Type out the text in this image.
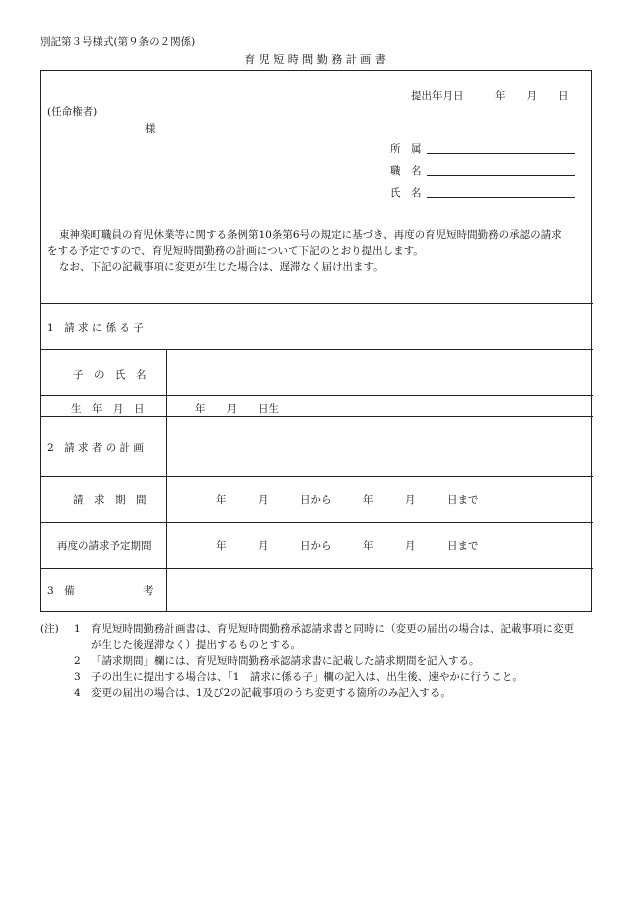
別記第３号様式(第９条の２関係)
育 児 短 時 間 勤 務 計 画 書
提出年月日　　　年　　月　　日
(任命権者)
様
所　属
職　名
氏　名
東神楽町職員の育児休業等に関する条例第10条第6号の規定に基づき、再度の育児短時間勤務の承認の請求
をする予定ですので、育児短時間勤務の計画について下記のとおり提出します。
なお、下記の記載事項に変更が生じた場合は、遅滞なく届け出ます。
1　請 求 に 係 る 子
子　の　氏　名
生　年　月　日	年　　月　　日生
2　請 求 者 の 計 画
請　求　期　間	年　　　月　　　日から　　　年　　　月　　　日まで
再度の請求予定期間	年　　　月　　　日から　　　年　　　月　　　日まで
3　備	考
(注) 1 育児短時間勤務計画書は、育児短時間勤務承認請求書と同時に（変更の届出の場合は、記載事項に変更
が生じた後遅滞なく）提出するものとする。
2 「請求期間」欄には、育児短時間勤務承認請求書に記載した請求期間を記入する。
3 子の出生に提出する場合は、「1　請求に係る子」欄の記入は、出生後、速やかに行うこと。
4 変更の届出の場合は、1及び2の記載事項のうち変更する箇所のみ記入する。
